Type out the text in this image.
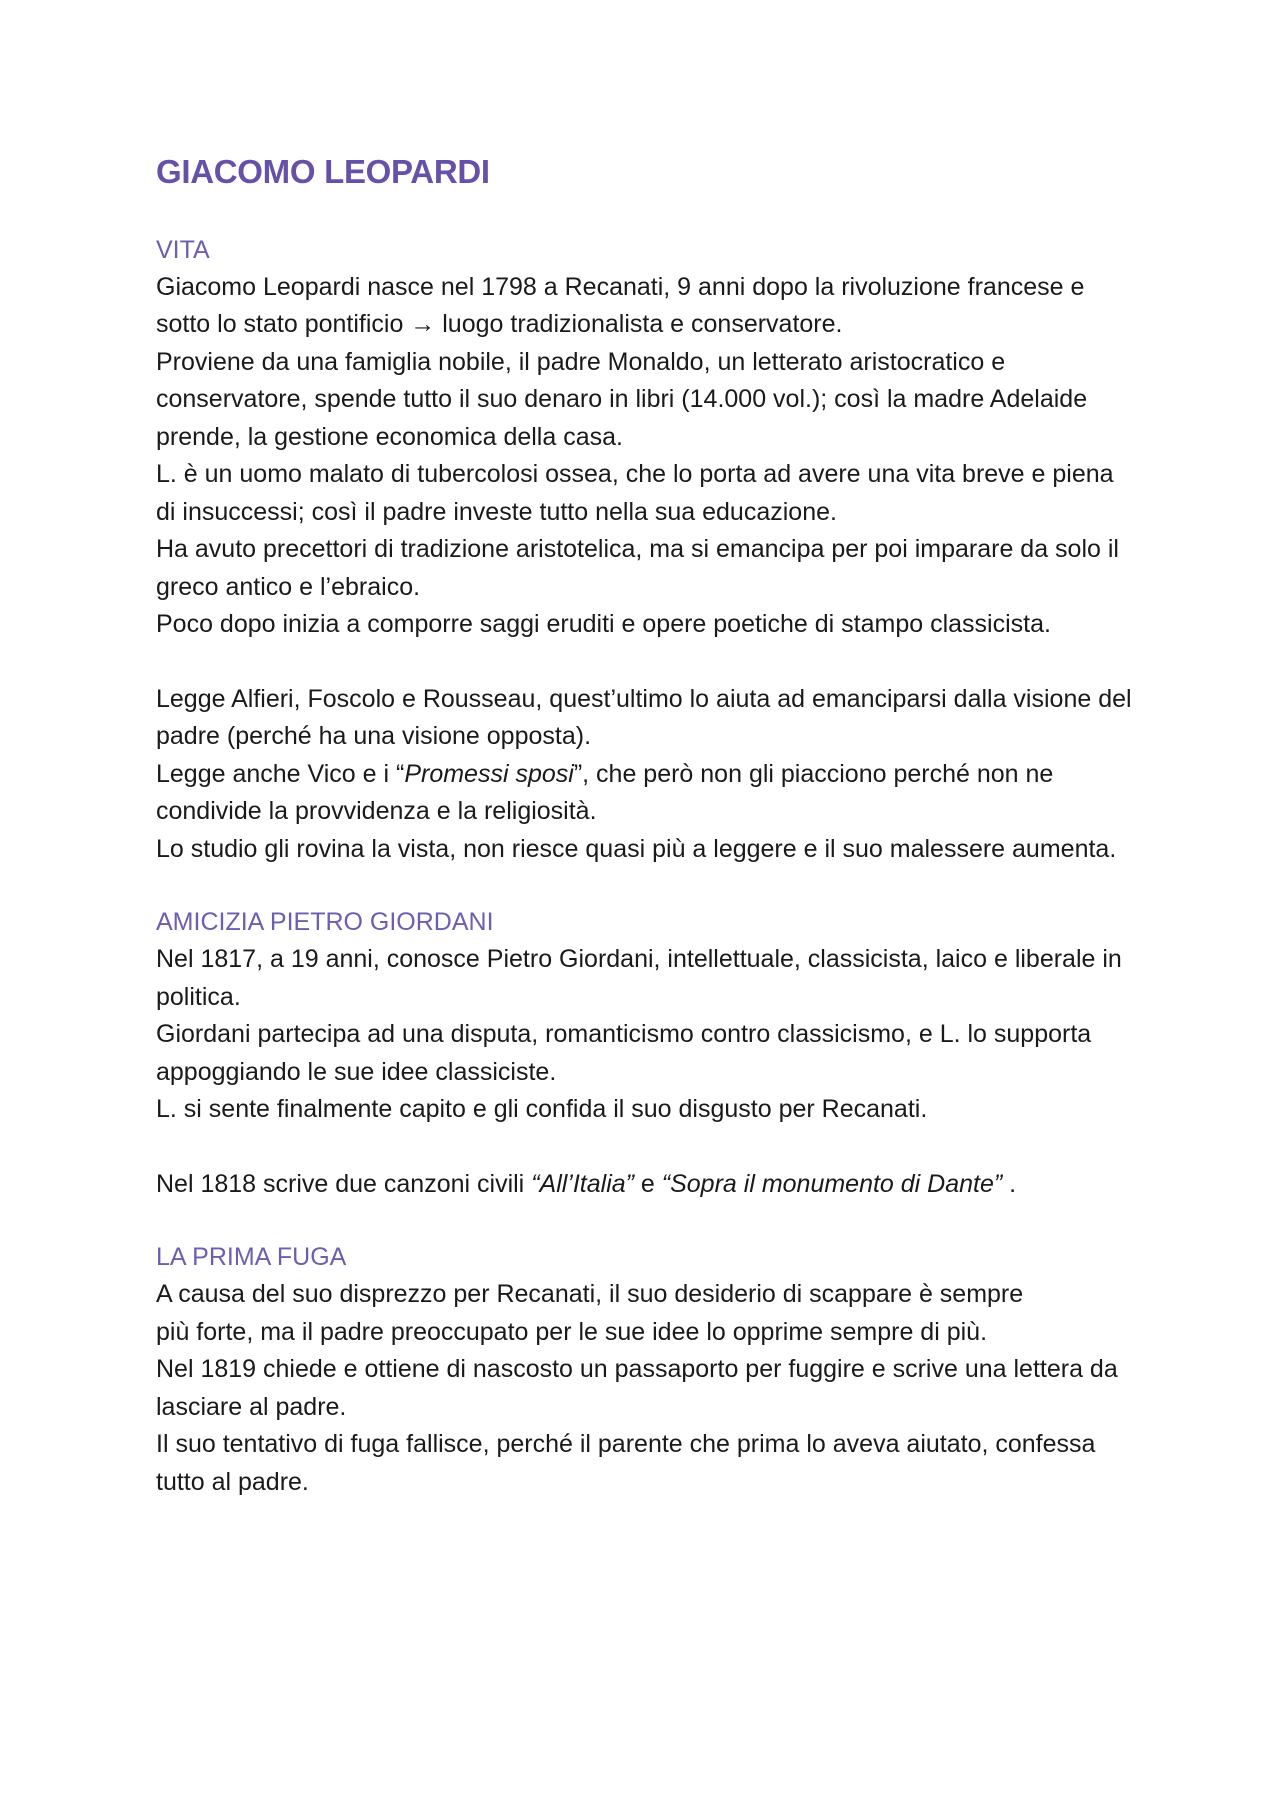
GIACOMO LEOPARDI
VITA

Giacomo Leopardi nasce nel 1798 a Recanati, 9 anni dopo la rivoluzione francese e sotto lo stato pontificio → luogo tradizionalista e conservatore.

Proviene da una famiglia nobile, il padre Monaldo, un letterato aristocratico e conservatore, spende tutto il suo denaro in libri (14.000 vol.); così la madre Adelaide prende, la gestione economica della casa.

L. è un uomo malato di tubercolosi ossea, che lo porta ad avere una vita breve e piena di insuccessi; così il padre investe tutto nella sua educazione.

Ha avuto precettori di tradizione aristotelica, ma si emancipa per poi imparare da solo il greco antico e l’ebraico.

Poco dopo inizia a comporre saggi eruditi e opere poetiche di stampo classicista.

Legge Alfieri, Foscolo e Rousseau, quest’ultimo lo aiuta ad emanciparsi dalla visione del padre (perché ha una visione opposta).

Legge anche Vico e i “Promessi sposi”, che però non gli piacciono perché non ne condivide la provvidenza e la religiosità.

Lo studio gli rovina la vista, non riesce quasi più a leggere e il suo malessere aumenta.

AMICIZIA PIETRO GIORDANI

Nel 1817, a 19 anni, conosce Pietro Giordani, intellettuale, classicista, laico e liberale in politica.

Giordani partecipa ad una disputa, romanticismo contro classicismo, e L. lo supporta appoggiando le sue idee classiciste.

L. si sente finalmente capito e gli confida il suo disgusto per Recanati.

Nel 1818 scrive due canzoni civili “All’Italia” e “Sopra il monumento di Dante” .

LA PRIMA FUGA

A causa del suo disprezzo per Recanati, il suo desiderio di scappare è sempre

più forte, ma il padre preoccupato per le sue idee lo opprime sempre di più.

Nel 1819 chiede e ottiene di nascosto un passaporto per fuggire e scrive una lettera da lasciare al padre.

Il suo tentativo di fuga fallisce, perché il parente che prima lo aveva aiutato, confessa tutto al padre.
